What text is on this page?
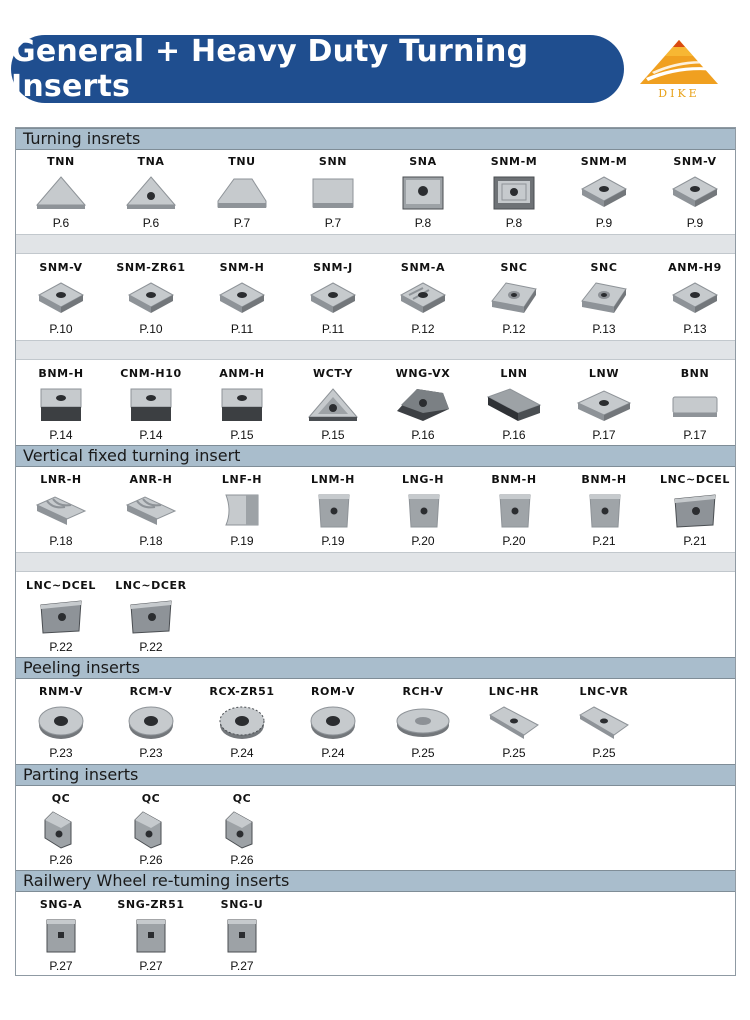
General + Heavy Duty Turning Inserts	DIKE
Turning insrets
TNN
P.6
TNA
P.6
TNU
P.7
SNN
P.7
SNA
P.8
SNM-M
P.8
SNM-M
P.9
SNM-V
P.9
SNM-V
P.10
SNM-ZR61
P.10
SNM-H
P.11
SNM-J
P.11
SNM-A
P.12
SNC
P.12
SNC
P.13
ANM-H9
P.13
BNM-H
P.14
CNM-H10
P.14
ANM-H
P.15
WCT-Y
P.15
WNG-VX
P.16
LNN
P.16
LNW
P.17
BNN
P.17
Vertical fixed turning insert
LNR-H
P.18
ANR-H
P.18
LNF-H
P.19
LNM-H
P.19
LNG-H
P.20
BNM-H
P.20
BNM-H
P.21
LNC~DCEL
P.21
LNC~DCEL
P.22
LNC~DCER
P.22
Peeling inserts
RNM-V
P.23
RCM-V
P.23
RCX-ZR51
P.24
ROM-V
P.24
RCH-V
P.25
LNC-HR
P.25
LNC-VR
P.25
Parting inserts
QC
P.26
QC
P.26
QC
P.26
Railwery Wheel re-tuming inserts
SNG-A
P.27
SNG-ZR51
P.27
SNG-U
P.27
